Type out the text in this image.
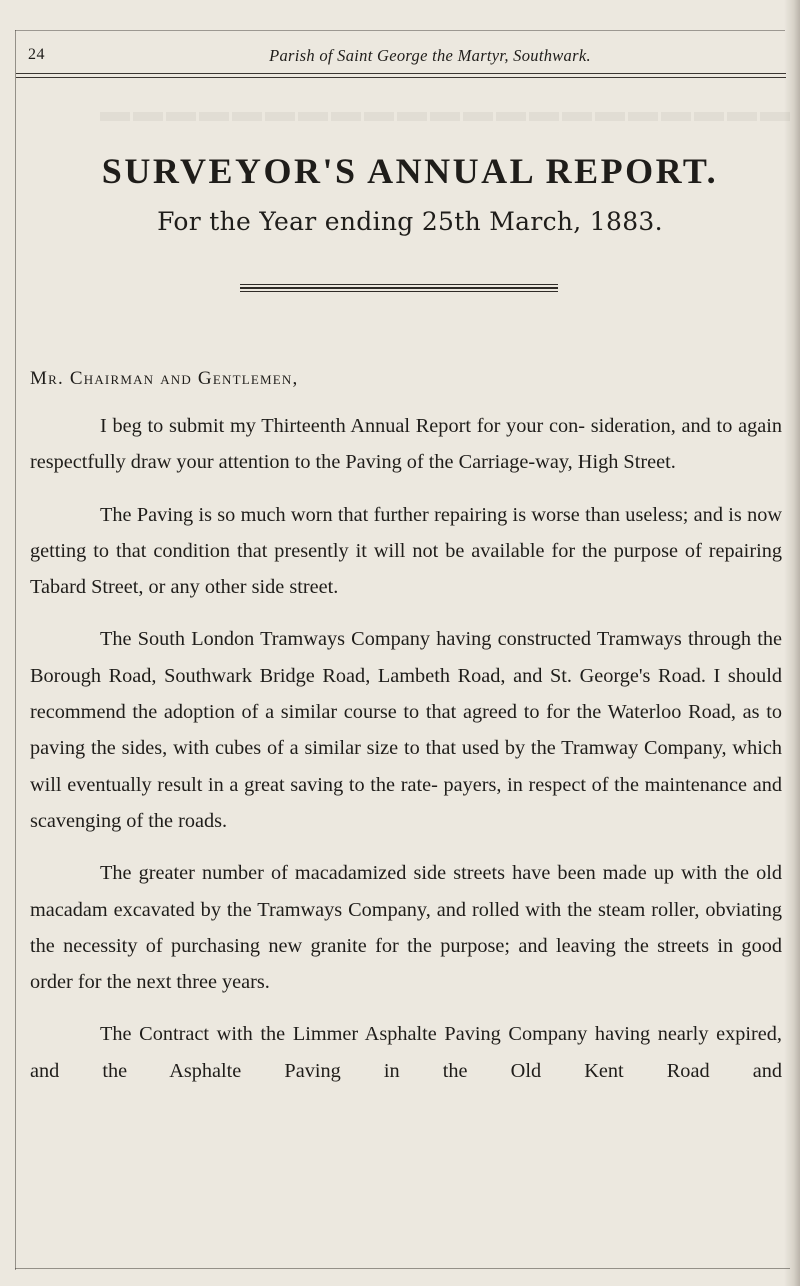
▬▬▬▬▬▬▬▬▬▬▬▬▬▬▬▬▬▬▬▬▬
24	Parish of Saint George the Martyr, Southwark.
SURVEYOR'S ANNUAL REPORT.
For the Year ending 25th March, 1883.
Mr. Chairman and Gentlemen,

I beg to submit my Thirteenth Annual Report for your con- sideration, and to again respectfully draw your attention to the Paving of the Carriage-way, High Street.

The Paving is so much worn that further repairing is worse than useless; and is now getting to that condition that presently it will not be available for the purpose of repairing Tabard Street, or any other side street.

The South London Tramways Company having constructed Tramways through the Borough Road, Southwark Bridge Road, Lambeth Road, and St. George's Road. I should recommend the adoption of a similar course to that agreed to for the Waterloo Road, as to paving the sides, with cubes of a similar size to that used by the Tramway Company, which will eventually result in a great saving to the rate- payers, in respect of the maintenance and scavenging of the roads.

The greater number of macadamized side streets have been made up with the old macadam excavated by the Tramways Company, and rolled with the steam roller, obviating the necessity of purchasing new granite for the purpose; and leaving the streets in good order for the next three years.

The Contract with the Limmer Asphalte Paving Company having nearly expired, and the Asphalte Paving in the Old Kent Road and
